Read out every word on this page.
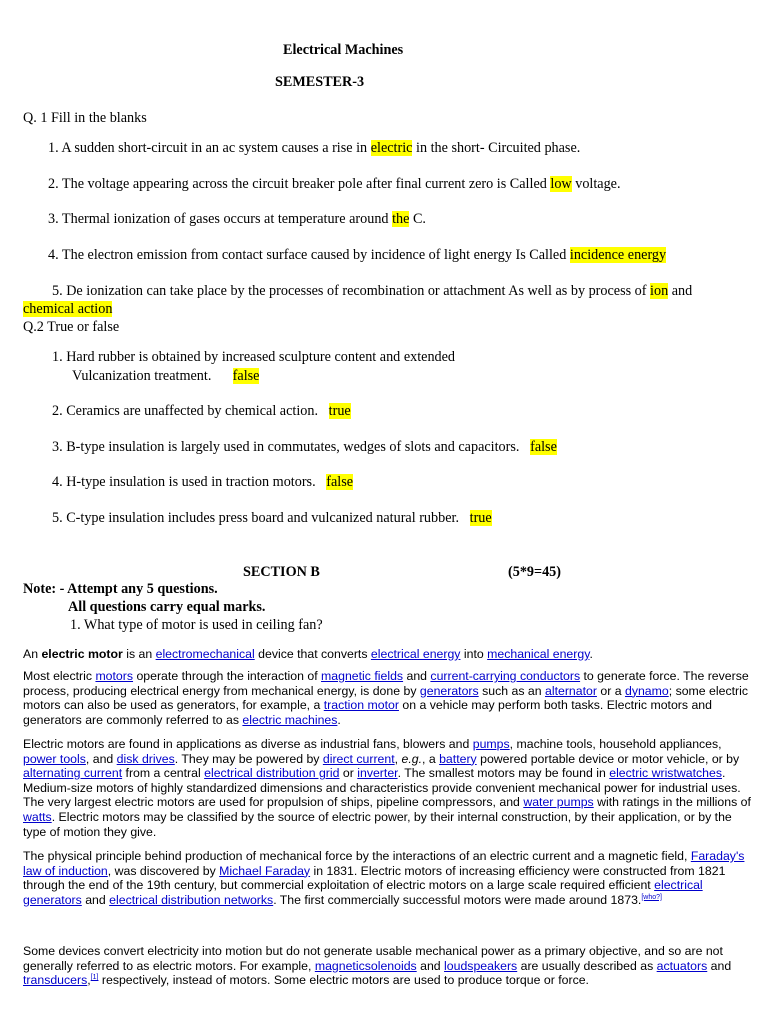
Electrical Machines
SEMESTER-3
Q. 1 Fill in the blanks
1. A sudden short-circuit in an ac system causes a rise in electric in the short- Circuited phase.
2. The voltage appearing across the circuit breaker pole after final current zero is Called low voltage.
3. Thermal ionization of gases occurs at temperature around the C.
4. The electron emission from contact surface caused by incidence of light energy Is Called incidence energy
5. De ionization can take place by the processes of recombination or attachment As well as by process of ion and
chemical action
Q.2 True or false
1. Hard rubber is obtained by increased sculpture content and extended
Vulcanization treatment. false
2. Ceramics are unaffected by chemical action. true
3. B-type insulation is largely used in commutates, wedges of slots and capacitors. false
4. H-type insulation is used in traction motors. false
5. C-type insulation includes press board and vulcanized natural rubber. true
SECTION B	(5*9=45)
Note: - Attempt any 5 questions.
All questions carry equal marks.
1. What type of motor is used in ceiling fan?
An electric motor is an electromechanical device that converts electrical energy into mechanical energy.
Most electric motors operate through the interaction of magnetic fields and current-carrying conductors to generate force. The reverse process, producing electrical energy from mechanical energy, is done by generators such as an alternator or a dynamo; some electric motors can also be used as generators, for example, a traction motor on a vehicle may perform both tasks. Electric motors and generators are commonly referred to as electric machines.
Electric motors are found in applications as diverse as industrial fans, blowers and pumps, machine tools, household appliances, power tools, and disk drives. They may be powered by direct current, e.g., a battery powered portable device or motor vehicle, or by alternating current from a central electrical distribution grid or inverter. The smallest motors may be found in electric wristwatches. Medium-size motors of highly standardized dimensions and characteristics provide convenient mechanical power for industrial uses. The very largest electric motors are used for propulsion of ships, pipeline compressors, and water pumps with ratings in the millions of watts. Electric motors may be classified by the source of electric power, by their internal construction, by their application, or by the type of motion they give.
The physical principle behind production of mechanical force by the interactions of an electric current and a magnetic field, Faraday's law of induction, was discovered by Michael Faraday in 1831. Electric motors of increasing efficiency were constructed from 1821 through the end of the 19th century, but commercial exploitation of electric motors on a large scale required efficient electrical generators and electrical distribution networks. The first commercially successful motors were made around 1873.[who?]
Some devices convert electricity into motion but do not generate usable mechanical power as a primary objective, and so are not generally referred to as electric motors. For example, magneticsolenoids and loudspeakers are usually described as actuators and transducers,[1] respectively, instead of motors. Some electric motors are used to produce torque or force.
